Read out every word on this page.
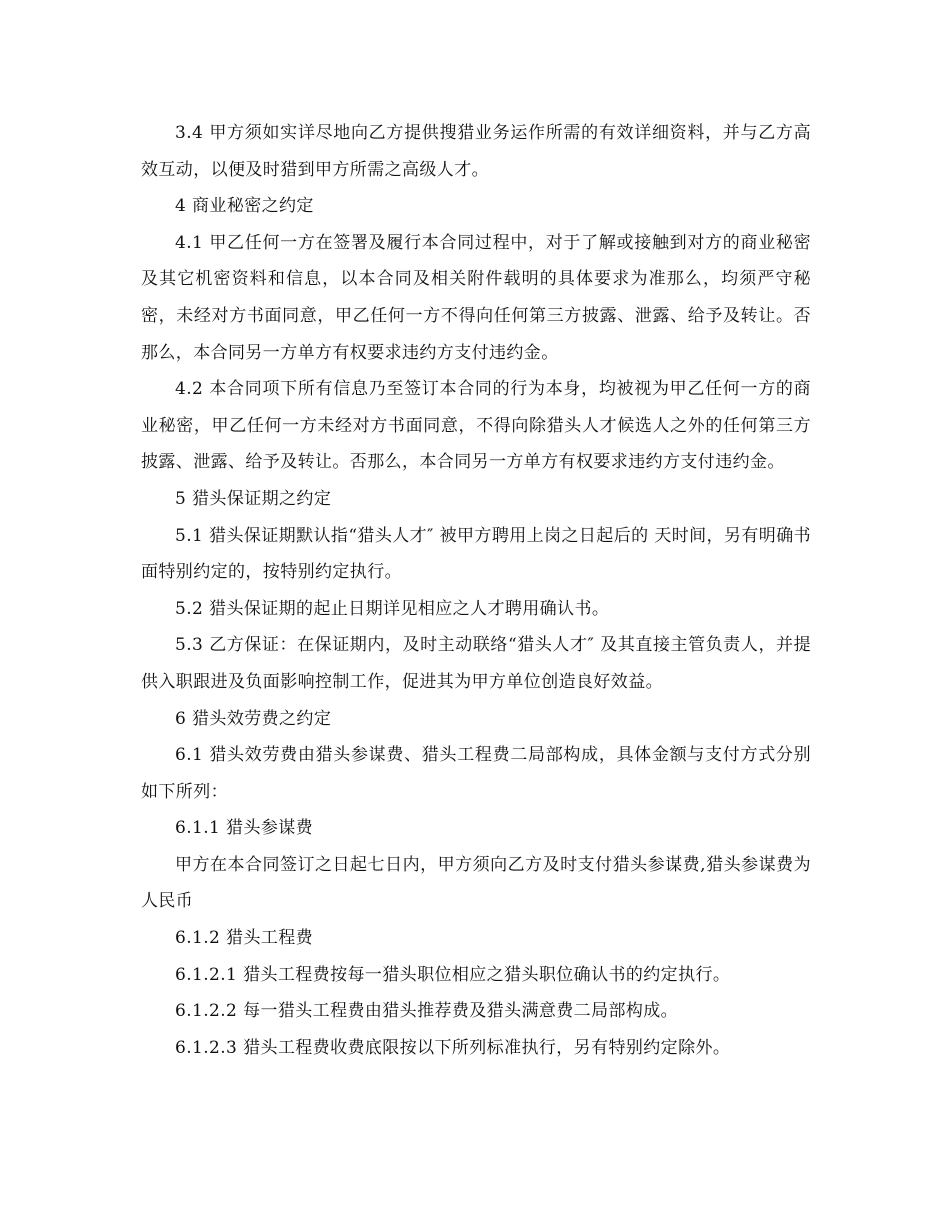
3.4 甲方须如实详尽地向乙方提供搜猎业务运作所需的有效详细资料，并与乙方高效互动，以便及时猎到甲方所需之高级人才。

4 商业秘密之约定

4.1 甲乙任何一方在签署及履行本合同过程中，对于了解或接触到对方的商业秘密及其它机密资料和信息，以本合同及相关附件载明的具体要求为准那么，均须严守秘密，未经对方书面同意，甲乙任何一方不得向任何第三方披露、泄露、给予及转让。否那么，本合同另一方单方有权要求违约方支付违约金。

4.2 本合同项下所有信息乃至签订本合同的行为本身，均被视为甲乙任何一方的商业秘密，甲乙任何一方未经对方书面同意，不得向除猎头人才候选人之外的任何第三方披露、泄露、给予及转让。否那么，本合同另一方单方有权要求违约方支付违约金。

5 猎头保证期之约定

5.1 猎头保证期默认指“猎头人才″ 被甲方聘用上岗之日起后的 天时间，另有明确书面特别约定的，按特别约定执行。

5.2 猎头保证期的起止日期详见相应之人才聘用确认书。

5.3 乙方保证：在保证期内，及时主动联络“猎头人才″ 及其直接主管负责人，并提供入职跟进及负面影响控制工作，促进其为甲方单位创造良好效益。

6 猎头效劳费之约定

6.1 猎头效劳费由猎头参谋费、猎头工程费二局部构成，具体金额与支付方式分别如下所列：

6.1.1 猎头参谋费

甲方在本合同签订之日起七日内，甲方须向乙方及时支付猎头参谋费,猎头参谋费为人民币

6.1.2 猎头工程费

6.1.2.1 猎头工程费按每一猎头职位相应之猎头职位确认书的约定执行。

6.1.2.2 每一猎头工程费由猎头推荐费及猎头满意费二局部构成。

6.1.2.3 猎头工程费收费底限按以下所列标准执行，另有特别约定除外。
